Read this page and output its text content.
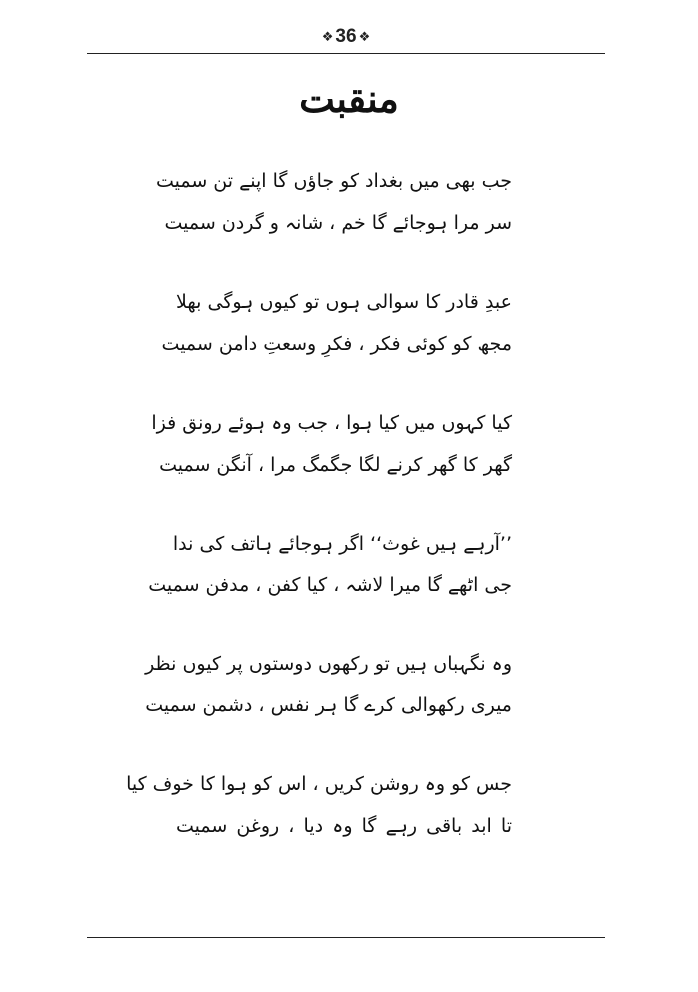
❖ 36 ❖
منقبت
جب بھی میں بغداد کو جاؤں گا اپنے تن سمیت
سر مرا ہوجائے گا خم ، شانہ و گردن سمیت
عبدِ قادر کا سوالی ہوں تو کیوں ہوگی بھلا
مجھ کو کوئی فکر ، فکرِ وسعتِ دامن سمیت
کیا کہوں میں کیا ہوا ، جب وہ ہوئے رونق فزا
گھر کا گھر کرنے لگا جگمگ مرا ، آنگن سمیت
’’آرہے ہیں غوث‘‘ اگر ہوجائے ہاتف کی ندا
جی اٹھے گا میرا لاشہ ، کیا کفن ، مدفن سمیت
وہ نگہباں ہیں تو رکھوں دوستوں پر کیوں نظر
میری رکھوالی کرے گا ہر نفس ، دشمن سمیت
جس کو وہ روشن کریں ، اس کو ہوا کا خوف کیا
تا ابد باقی رہے گا وہ دیا ، روغن سمیت
